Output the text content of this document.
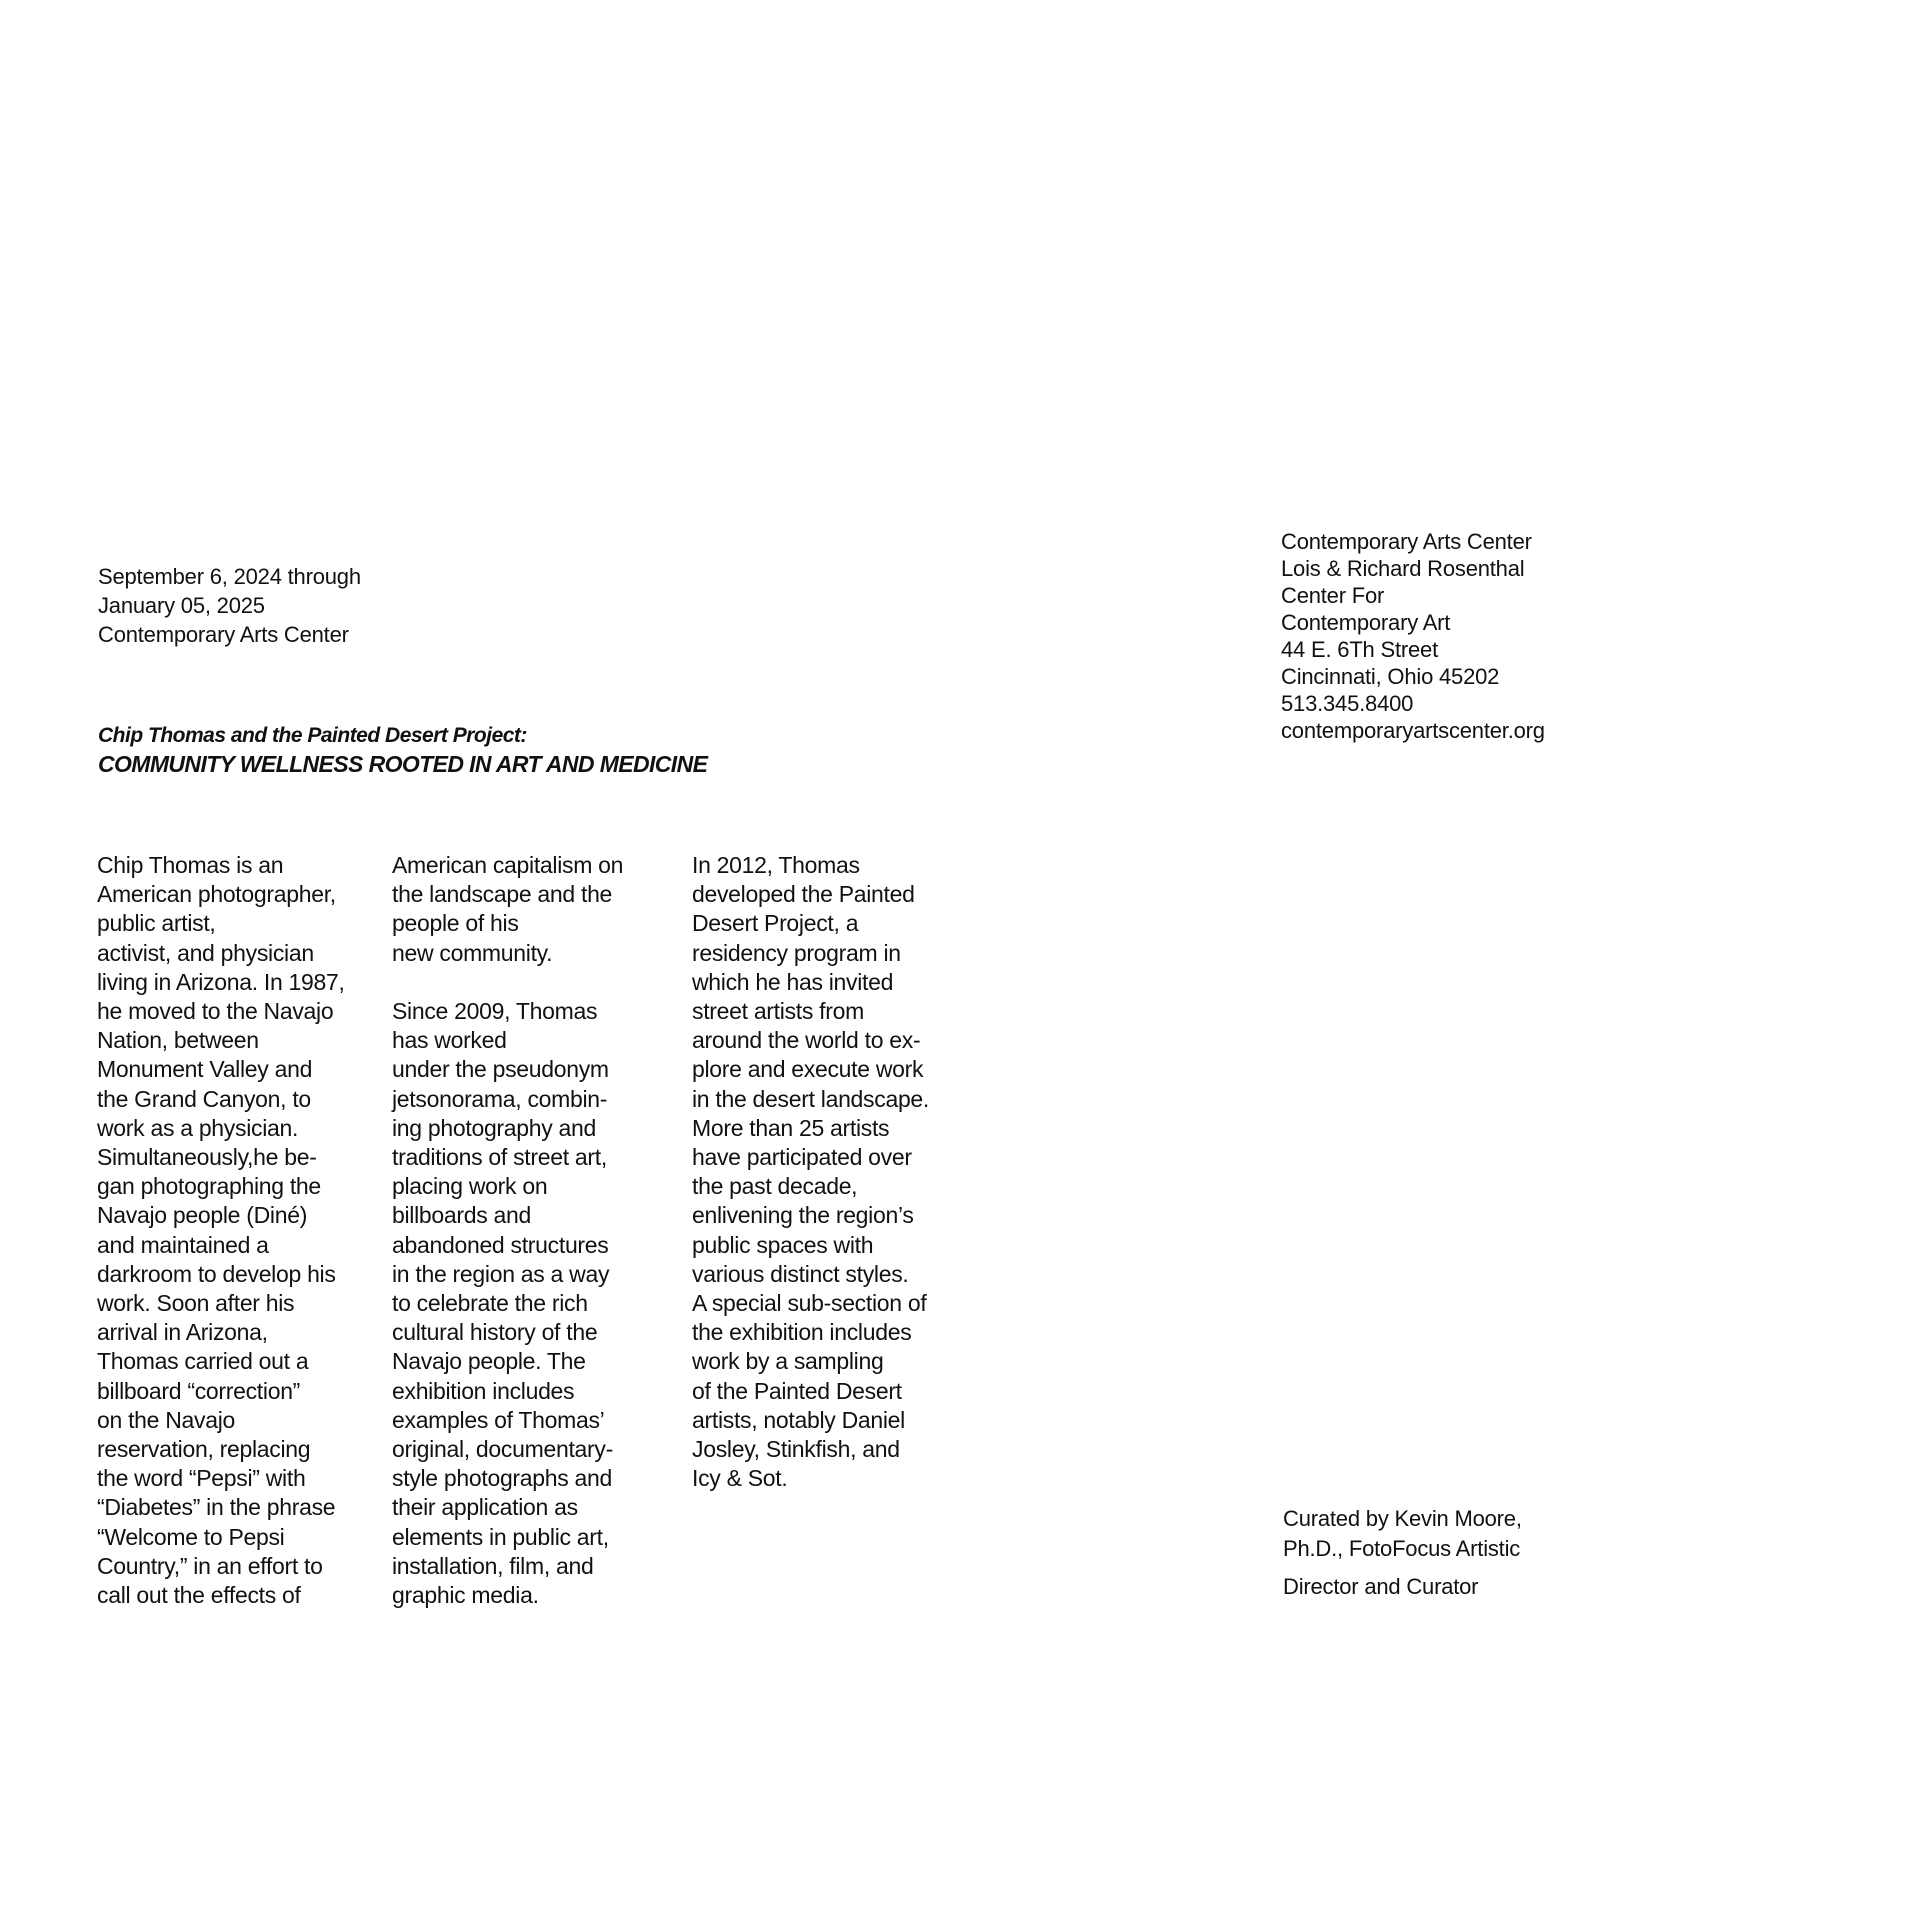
September 6, 2024 through
January 05, 2025
Contemporary Arts Center
Contemporary Arts Center
Lois & Richard Rosenthal
Center For
Contemporary Art
44 E. 6Th Street
Cincinnati, Ohio 45202
513.345.8400
contemporaryartscenter.org
Chip Thomas and the Painted Desert Project:
COMMUNITY WELLNESS ROOTED IN ART AND MEDICINE
Chip Thomas is an
American photographer,
public artist,
activist, and physician
living in Arizona. In 1987,
he moved to the Navajo
Nation, between
Monument Valley and
the Grand Canyon, to
work as a physician.
Simultaneously,he be-
gan photographing the
Navajo people (Diné)
and maintained a
darkroom to develop his
work. Soon after his
arrival in Arizona,
Thomas carried out a
billboard “correction”
on the Navajo
reservation, replacing
the word “Pepsi” with
“Diabetes” in the phrase
“Welcome to Pepsi
Country,” in an effort to
call out the effects of
American capitalism on
the landscape and the
people of his
new community.
Since 2009, Thomas
has worked
under the pseudonym
jetsonorama, combin-
ing photography and
traditions of street art,
placing work on
billboards and
abandoned structures
in the region as a way
to celebrate the rich
cultural history of the
Navajo people. The
exhibition includes
examples of Thomas’
original, documentary-
style photographs and
their application as
elements in public art,
installation, film, and
graphic media.
In 2012, Thomas
developed the Painted
Desert Project, a
residency program in
which he has invited
street artists from
around the world to ex-
plore and execute work
in the desert landscape.
More than 25 artists
have participated over
the past decade,
enlivening the region’s
public spaces with
various distinct styles.
A special sub-section of
the exhibition includes
work by a sampling
of the Painted Desert
artists, notably Daniel
Josley, Stinkfish, and
Icy & Sot.
Curated by Kevin Moore,
Ph.D., FotoFocus Artistic
Director and Curator
